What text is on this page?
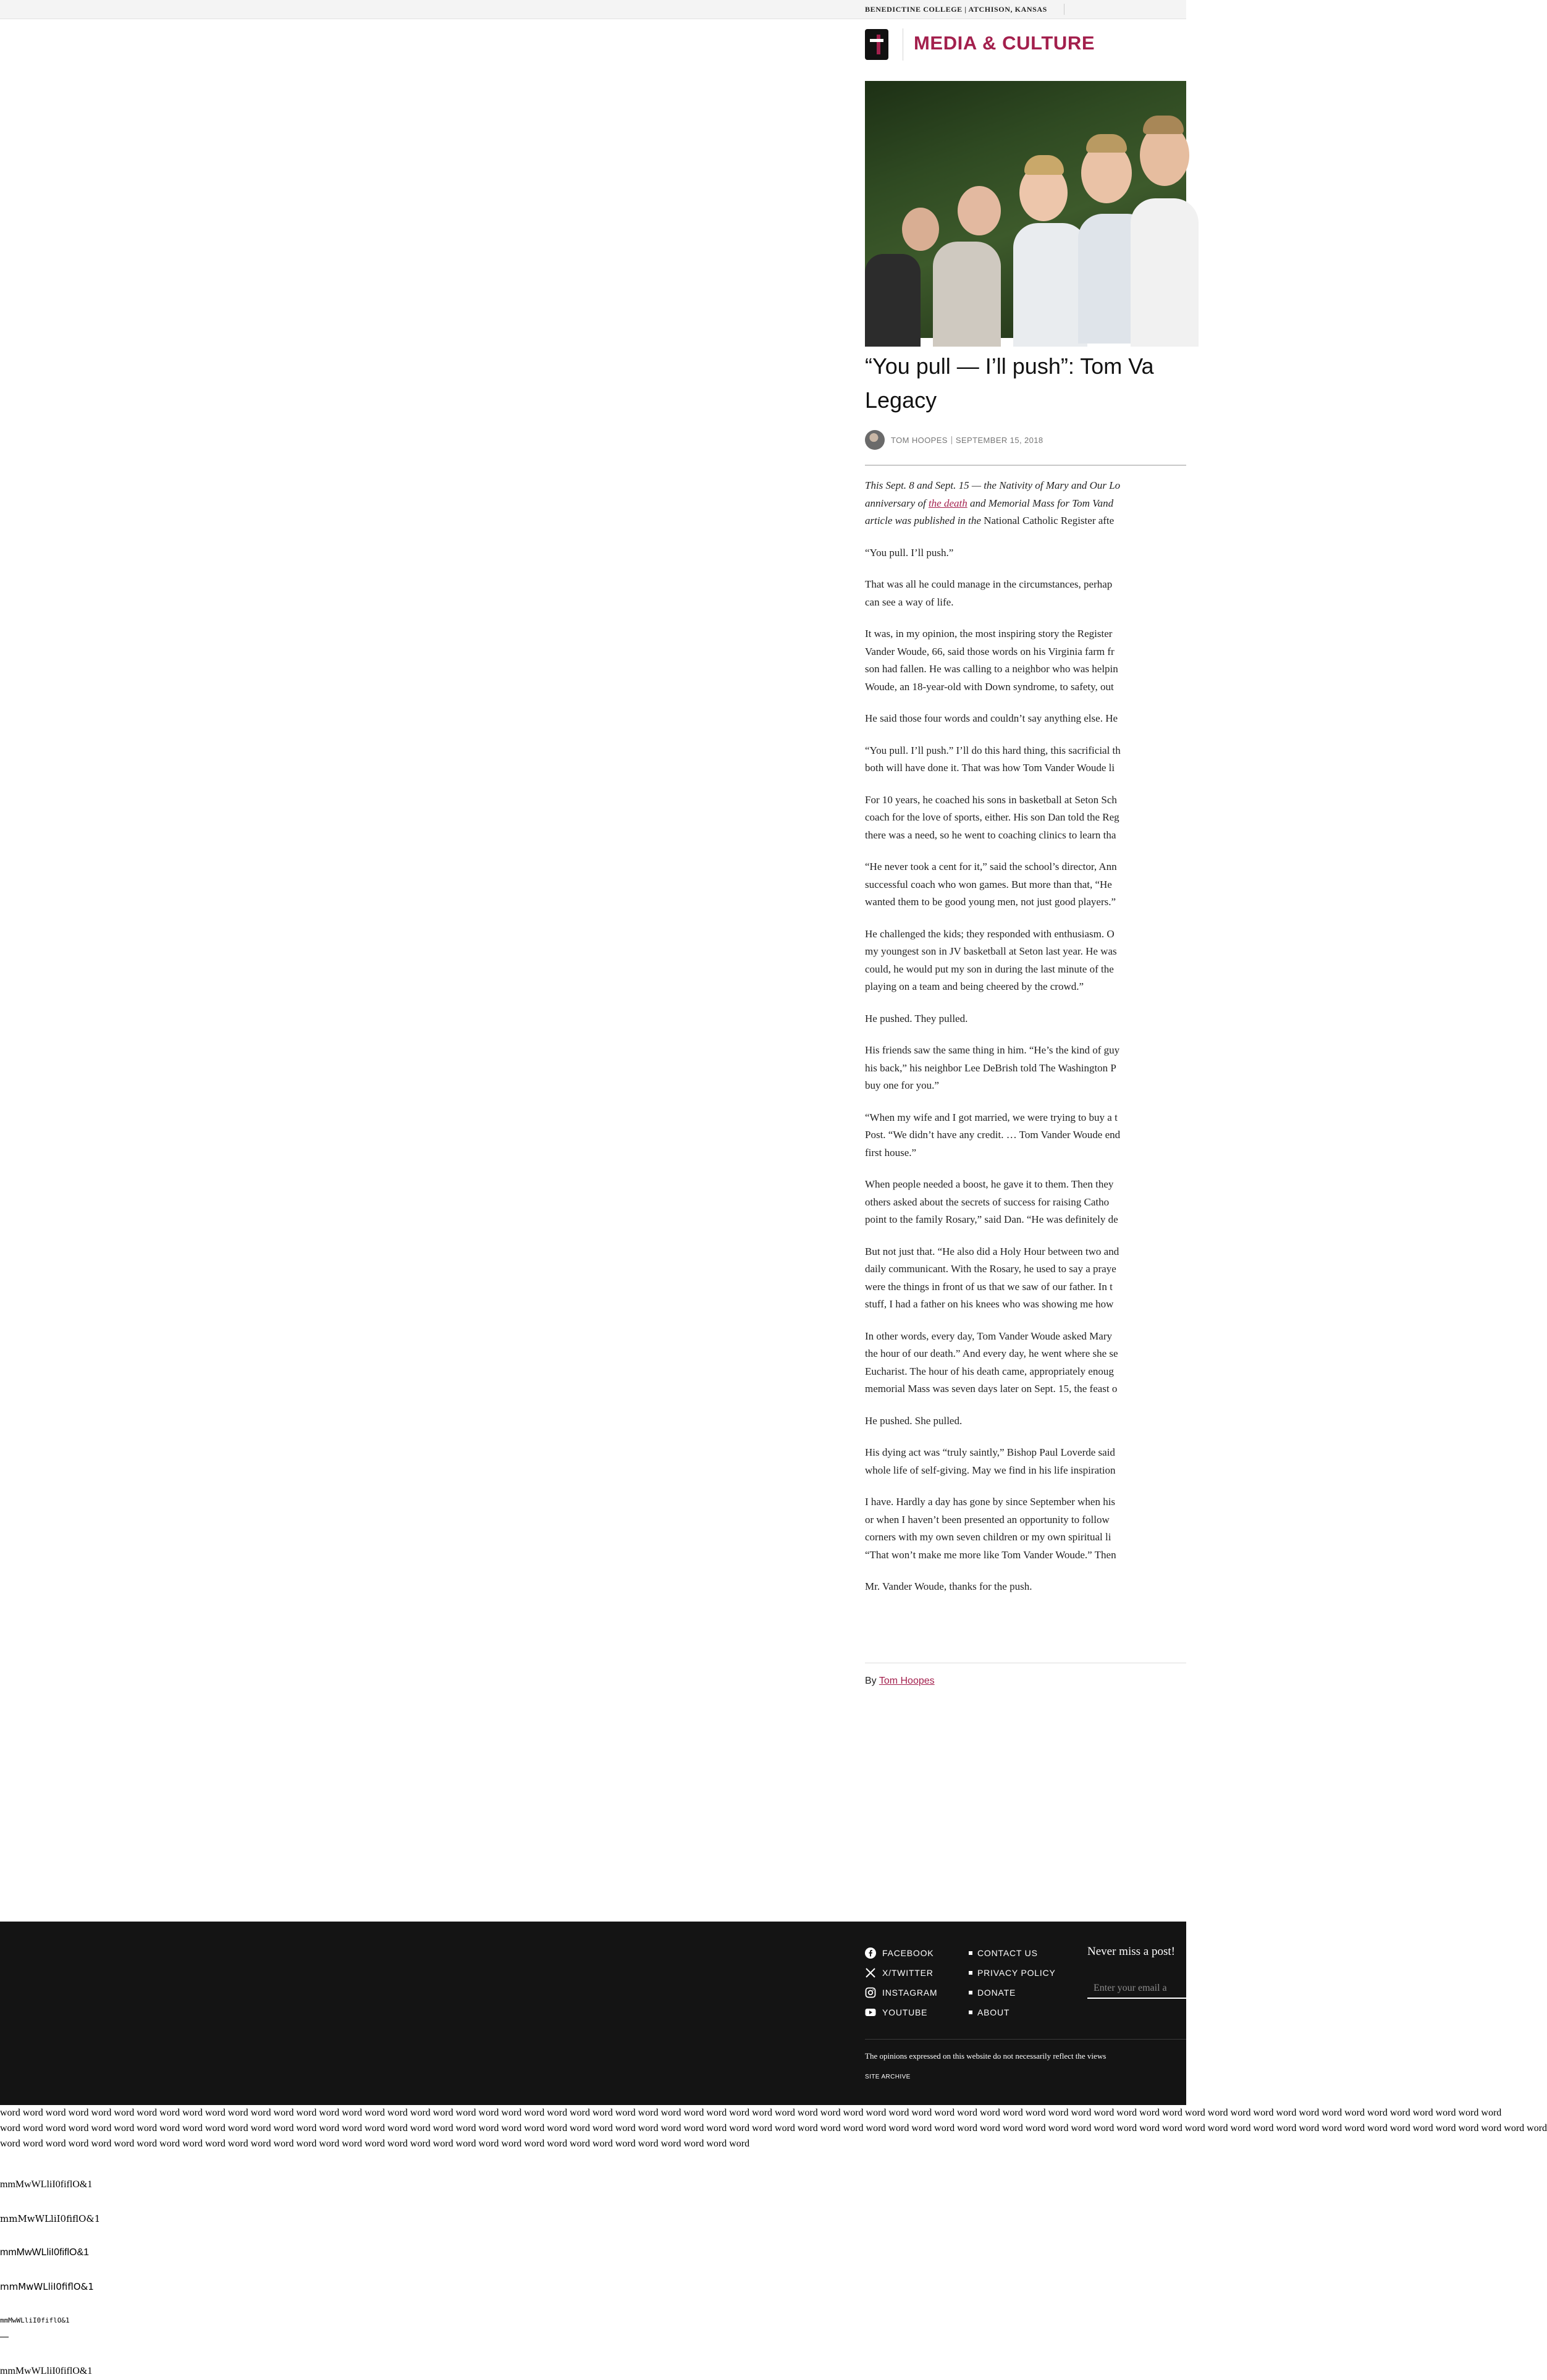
BENEDICTINE COLLEGE | ATCHISON, KANSAS
MEDIA & CULTURE
“You pull — I’ll push”: Tom Va Legacy
TOM HOOPES SEPTEMBER 15, 2018

This Sept. 8 and Sept. 15 — the Nativity of Mary and Our Lo
anniversary of the death and Memorial Mass for Tom Vand
article was published in the National Catholic Register afte

“You pull. I’ll push.”

That was all he could manage in the circumstances, perhap
can see a way of life.

It was, in my opinion, the most inspiring story the Register
Vander Woude, 66, said those words on his Virginia farm fr
son had fallen. He was calling to a neighbor who was helpin
Woude, an 18-year-old with Down syndrome, to safety, out

He said those four words and couldn’t say anything else. He

“You pull. I’ll push.” I’ll do this hard thing, this sacrificial th
both will have done it. That was how Tom Vander Woude li

For 10 years, he coached his sons in basketball at Seton Sch
coach for the love of sports, either. His son Dan told the Reg
there was a need, so he went to coaching clinics to learn tha

“He never took a cent for it,” said the school’s director, Ann
successful coach who won games. But more than that, “He
wanted them to be good young men, not just good players.”

He challenged the kids; they responded with enthusiasm. O
my youngest son in JV basketball at Seton last year. He was
could, he would put my son in during the last minute of the
playing on a team and being cheered by the crowd.”

He pushed. They pulled.

His friends saw the same thing in him. “He’s the kind of guy
his back,” his neighbor Lee DeBrish told The Washington P
buy one for you.”

“When my wife and I got married, we were trying to buy a t
Post. “We didn’t have any credit. … Tom Vander Woude end
first house.”

When people needed a boost, he gave it to them. Then they
others asked about the secrets of success for raising Catho
point to the family Rosary,” said Dan. “He was definitely de

But not just that. “He also did a Holy Hour between two and
daily communicant. With the Rosary, he used to say a praye
were the things in front of us that we saw of our father. In t
stuff, I had a father on his knees who was showing me how

In other words, every day, Tom Vander Woude asked Mary
the hour of our death.” And every day, he went where she se
Eucharist. The hour of his death came, appropriately enoug
memorial Mass was seven days later on Sept. 15, the feast o

He pushed. She pulled.

His dying act was “truly saintly,” Bishop Paul Loverde said
whole life of self-giving. May we find in his life inspiration

I have. Hardly a day has gone by since September when his
or when I haven’t been presented an opportunity to follow
corners with my own seven children or my own spiritual li
“That won’t make me more like Tom Vander Woude.” Then

Mr. Vander Woude, thanks for the push.

By Tom Hoopes
FACEBOOK
X/TWITTER
INSTAGRAM
YOUTUBE
CONTACT US
PRIVACY POLICY
DONATE
ABOUT
Never miss a post!
Enter your email a
The opinions expressed on this website do not necessarily reflect the views
SITE ARCHIVE

word word word word word word word word word word word word word word word word word word word word word word word word word word word word word word word word word word word word word word word word word word word word word word word word word word word word word word word word word word word word word word word word word word
word word word word word word word word word word word word word word word word word word word word word word word word word word word word word word word word word word word word word word word word word word word word word word word word word word word word word word word word word word word word word word word word word word word word
word word word word word word word word word word word word word word word word word word word word word word word word word word word word word word word word word

mmMwWLliI0fiflO&1
mmMwWLliI0fiflO&1
mmMwWLliI0fiflO&1
mmMwWLliI0fiflO&1
mmMwWLliI0fiflO&1
mmMwWLliI0fiflO&1
